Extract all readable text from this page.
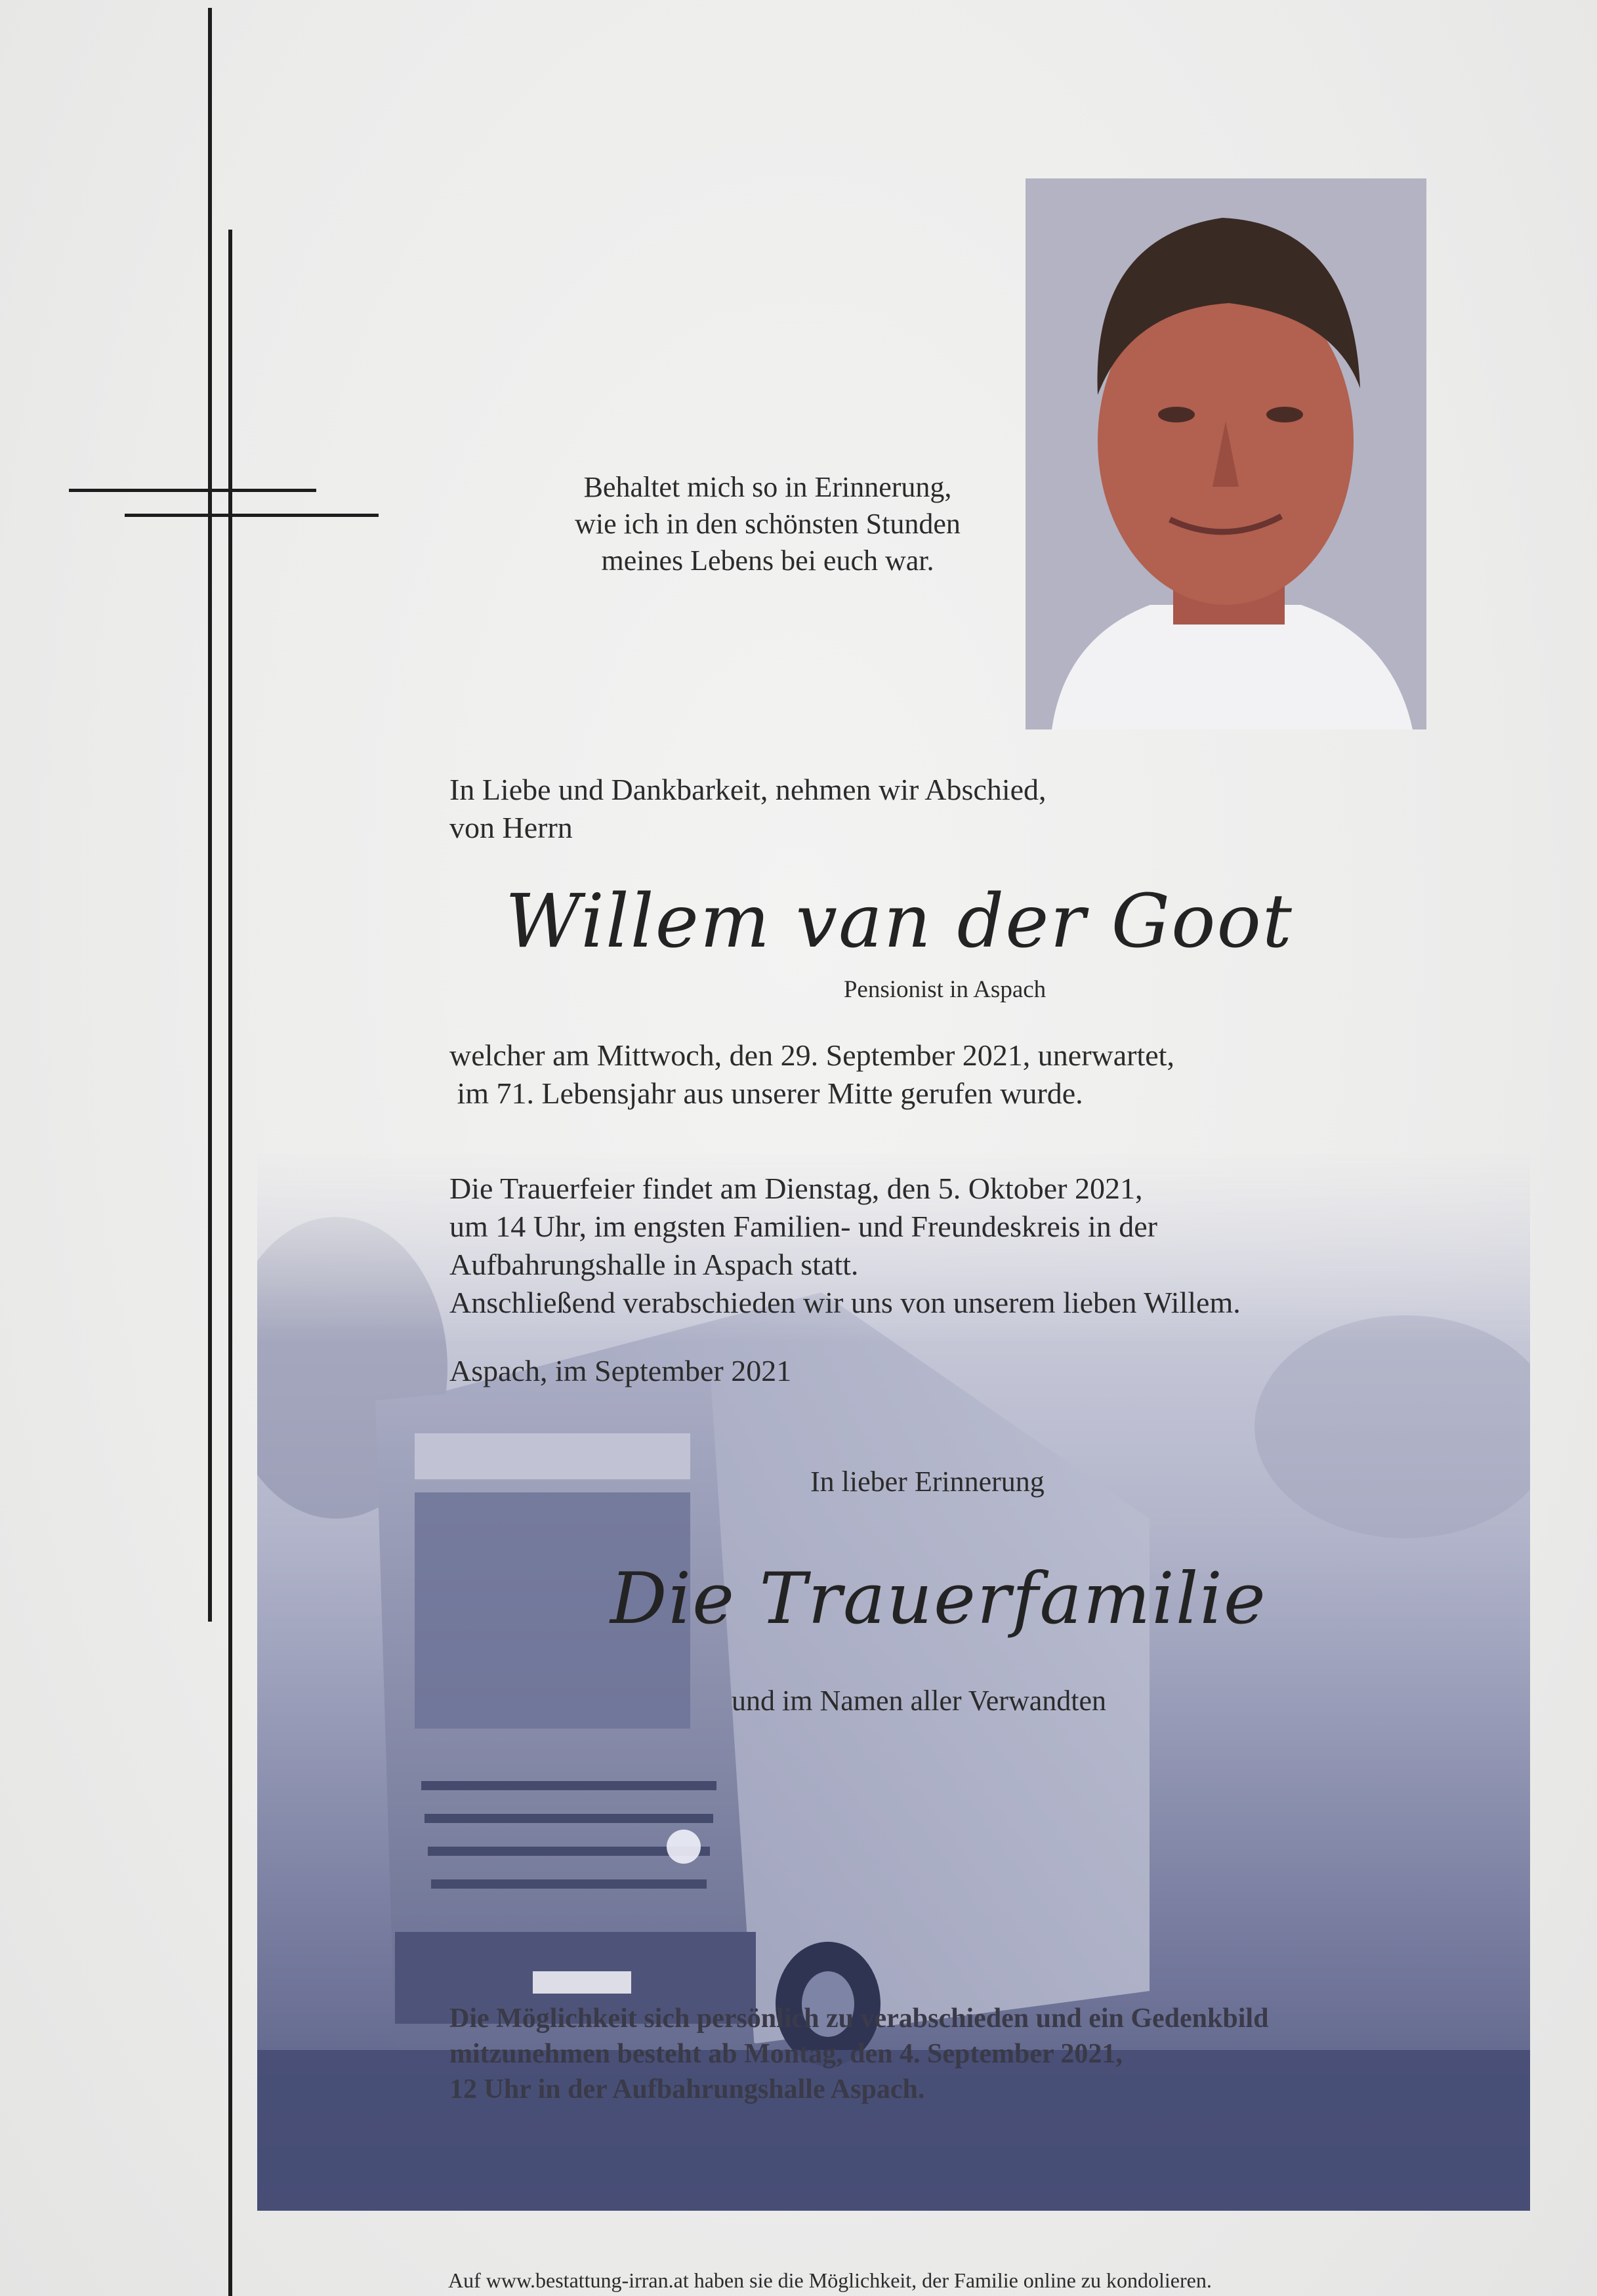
Behaltet mich so in Erinnerung,
wie ich in den schönsten Stunden
meines Lebens bei euch war.
In Liebe und Dankbarkeit, nehmen wir Abschied,
von Herrn
Willem van der Goot
Pensionist in Aspach
welcher am Mittwoch, den 29. September 2021, unerwartet,
im 71. Lebensjahr aus unserer Mitte gerufen wurde.
Die Trauerfeier findet am Dienstag, den 5. Oktober 2021,
um 14 Uhr, im engsten Familien- und Freundeskreis in der
Aufbahrungshalle in Aspach statt.
Anschließend verabschieden wir uns von unserem lieben Willem.
Aspach, im September 2021
In lieber Erinnerung
Die Trauerfamilie
und im Namen aller Verwandten
Die Möglichkeit sich persönlich zu verabschieden und ein Gedenkbild
mitzunehmen besteht ab Montag, den 4. September 2021,
12 Uhr in der Aufbahrungshalle Aspach.
Auf www.bestattung-irran.at haben sie die Möglichkeit, der Familie online zu kondolieren.
